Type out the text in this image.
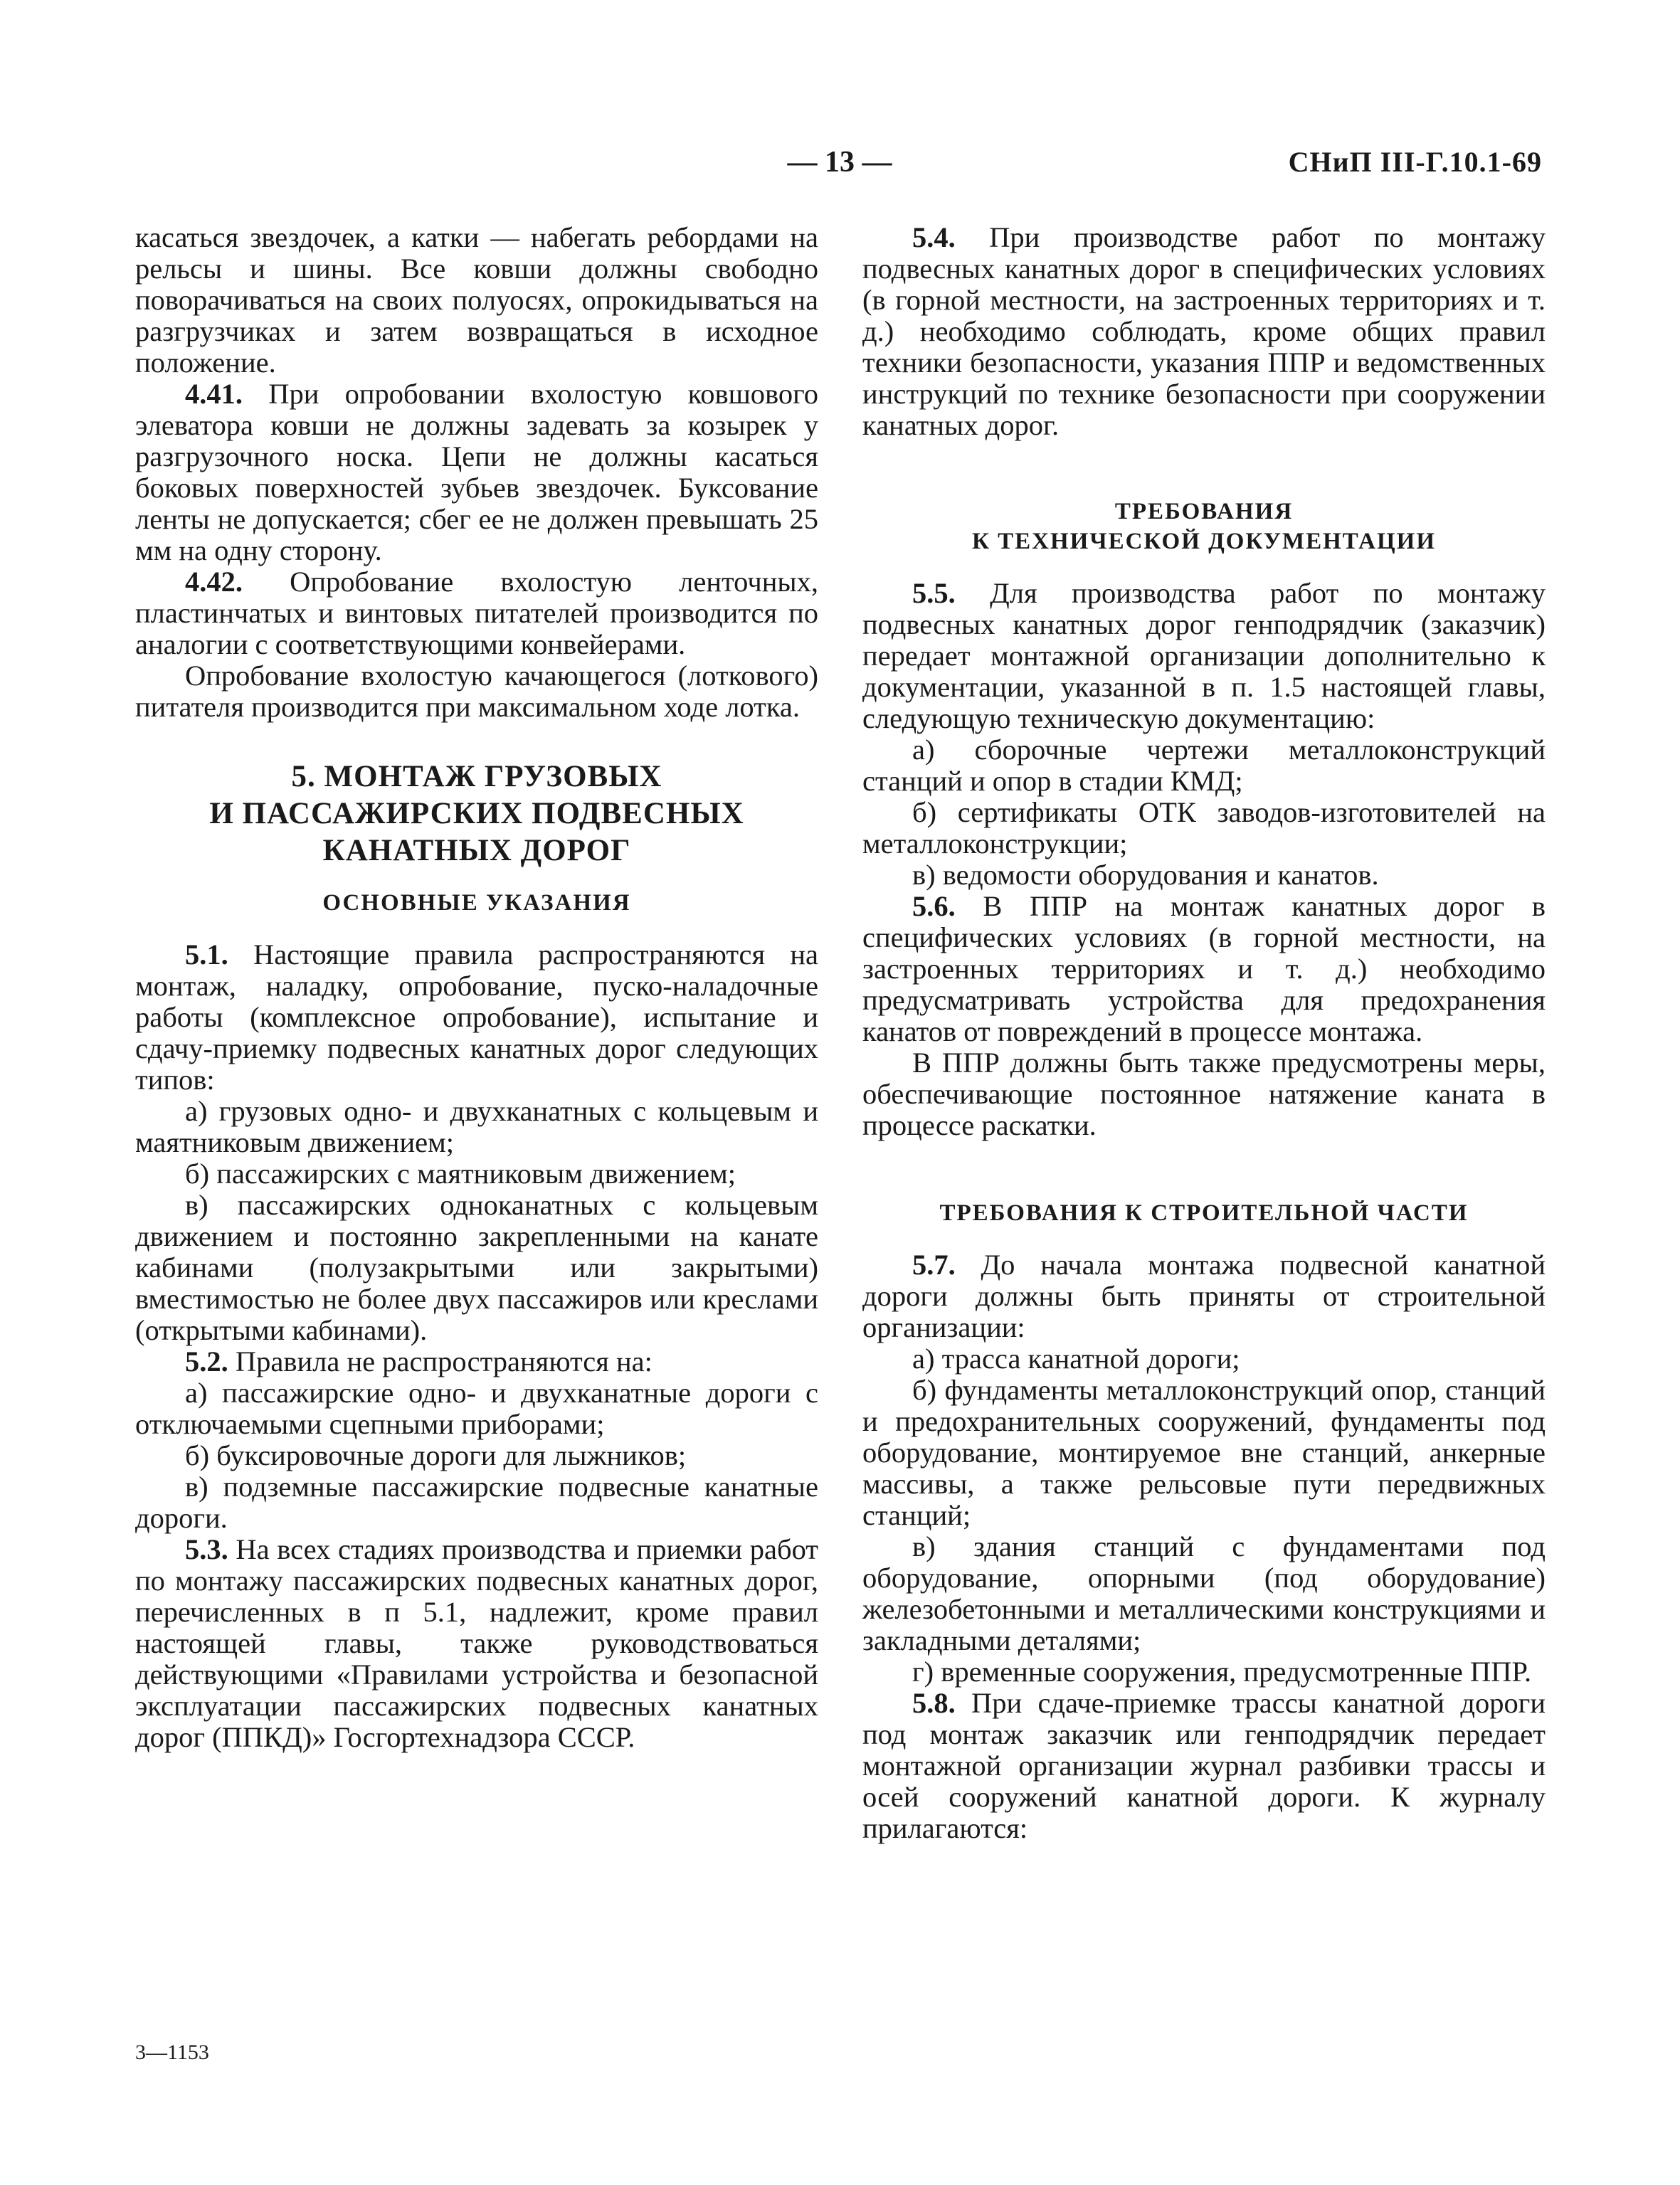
— 13 —	СНиП III-Г.10.1-69

касаться звездочек, а катки — набегать ребордами на рельсы и шины. Все ковши должны свободно поворачиваться на своих полуосях, опрокидываться на разгрузчиках и затем возвращаться в исходное положение.

4.41. При опробовании вхолостую ковшового элеватора ковши не должны задевать за козырек у разгрузочного носка. Цепи не должны касаться боковых поверхностей зубьев звездочек. Буксование ленты не допускается; сбег ее не должен превышать 25 мм на одну сторону.

4.42. Опробование вхолостую ленточных, пластинчатых и винтовых питателей производится по аналогии с соответствующими конвейерами.

Опробование вхолостую качающегося (лоткового) питателя производится при максимальном ходе лотка.

5. МОНТАЖ ГРУЗОВЫХ
И ПАССАЖИРСКИХ ПОДВЕСНЫХ
КАНАТНЫХ ДОРОГ
ОСНОВНЫЕ УКАЗАНИЯ

5.1. Настоящие правила распространяются на монтаж, наладку, опробование, пуско-наладочные работы (комплексное опробование), испытание и сдачу-приемку подвесных канатных дорог следующих типов:

а) грузовых одно- и двухканатных с кольцевым и маятниковым движением;

б) пассажирских с маятниковым движением;

в) пассажирских одноканатных с кольцевым движением и постоянно закрепленными на канате кабинами (полузакрытыми или закрытыми) вместимостью не более двух пассажиров или креслами (открытыми кабинами).

5.2. Правила не распространяются на:

а) пассажирские одно- и двухканатные дороги с отключаемыми сцепными приборами;

б) буксировочные дороги для лыжников;

в) подземные пассажирские подвесные канатные дороги.

5.3. На всех стадиях производства и приемки работ по монтажу пассажирских подвесных канатных дорог, перечисленных в п 5.1, надлежит, кроме правил настоящей главы, также руководствоваться действующими «Правилами устройства и безопасной эксплуатации пассажирских подвесных канатных дорог (ППКД)» Госгортехнадзора СССР.

3—1153

5.4. При производстве работ по монтажу подвесных канатных дорог в специфических условиях (в горной местности, на застроенных территориях и т. д.) необходимо соблюдать, кроме общих правил техники безопасности, указания ППР и ведомственных инструкций по технике безопасности при сооружении канатных дорог.

ТРЕБОВАНИЯ
К ТЕХНИЧЕСКОЙ ДОКУМЕНТАЦИИ

5.5. Для производства работ по монтажу подвесных канатных дорог генподрядчик (заказчик) передает монтажной организации дополнительно к документации, указанной в п. 1.5 настоящей главы, следующую техническую документацию:

а) сборочные чертежи металлоконструкций станций и опор в стадии КМД;

б) сертификаты ОТК заводов-изготовителей на металлоконструкции;

в) ведомости оборудования и канатов.

5.6. В ППР на монтаж канатных дорог в специфических условиях (в горной местности, на застроенных территориях и т. д.) необходимо предусматривать устройства для предохранения канатов от повреждений в процессе монтажа.

В ППР должны быть также предусмотрены меры, обеспечивающие постоянное натяжение каната в процессе раскатки.

ТРЕБОВАНИЯ К СТРОИТЕЛЬНОЙ ЧАСТИ

5.7. До начала монтажа подвесной канатной дороги должны быть приняты от строительной организации:

а) трасса канатной дороги;

б) фундаменты металлоконструкций опор, станций и предохранительных сооружений, фундаменты под оборудование, монтируемое вне станций, анкерные массивы, а также рельсовые пути передвижных станций;

в) здания станций с фундаментами под оборудование, опорными (под оборудование) железобетонными и металлическими конструкциями и закладными деталями;

г) временные сооружения, предусмотренные ППР.

5.8. При сдаче-приемке трассы канатной дороги под монтаж заказчик или генподрядчик передает монтажной организации журнал разбивки трассы и осей сооружений канатной дороги. К журналу прилагаются:
